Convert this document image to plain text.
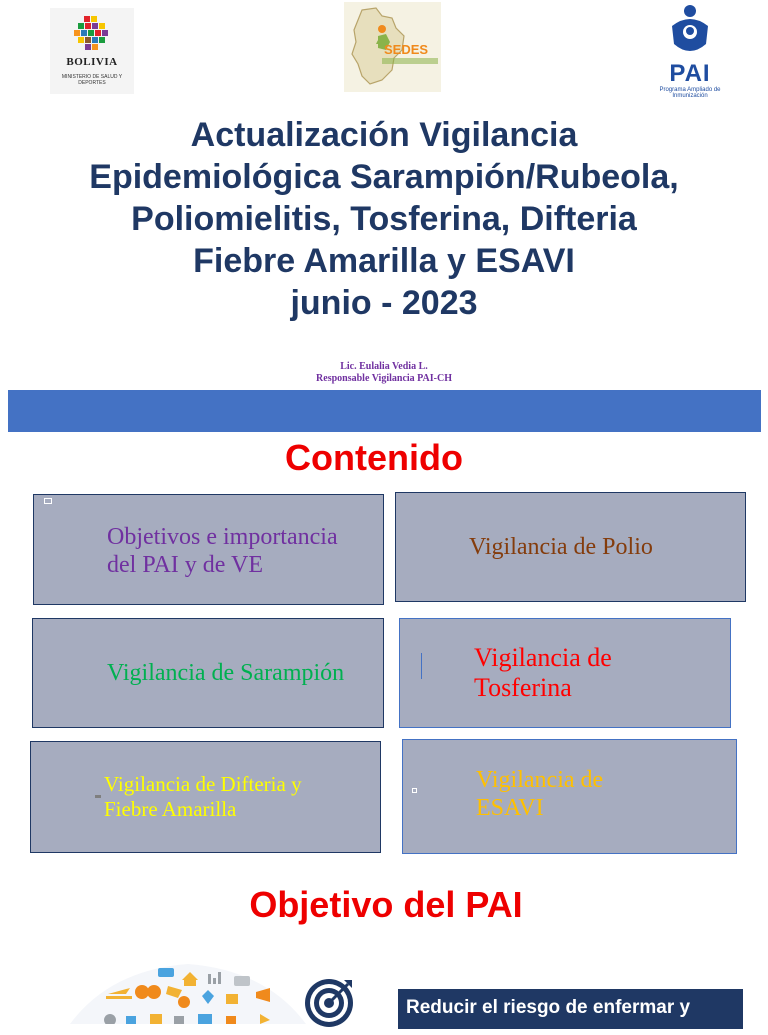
BOLIVIA
MINISTERIO DE SALUD Y DEPORTES
SEDES
PAI
Programa Ampliado de Inmunización
Actualización Vigilancia
Epidemiológica Sarampión/Rubeola,
Poliomielitis, Tosferina, Difteria
Fiebre Amarilla y ESAVI
junio - 2023
Lic. Eulalia Vedia L.
Responsable Vigilancia PAI-CH
Contenido
Objetivos e importancia
del PAI y de VE
Vigilancia de Polio
Vigilancia de Sarampión
Vigilancia de
Tosferina
Vigilancia de Difteria y
Fiebre Amarilla
Vigilancia de
ESAVI
Objetivo del PAI
Reducir el riesgo de enfermar y
